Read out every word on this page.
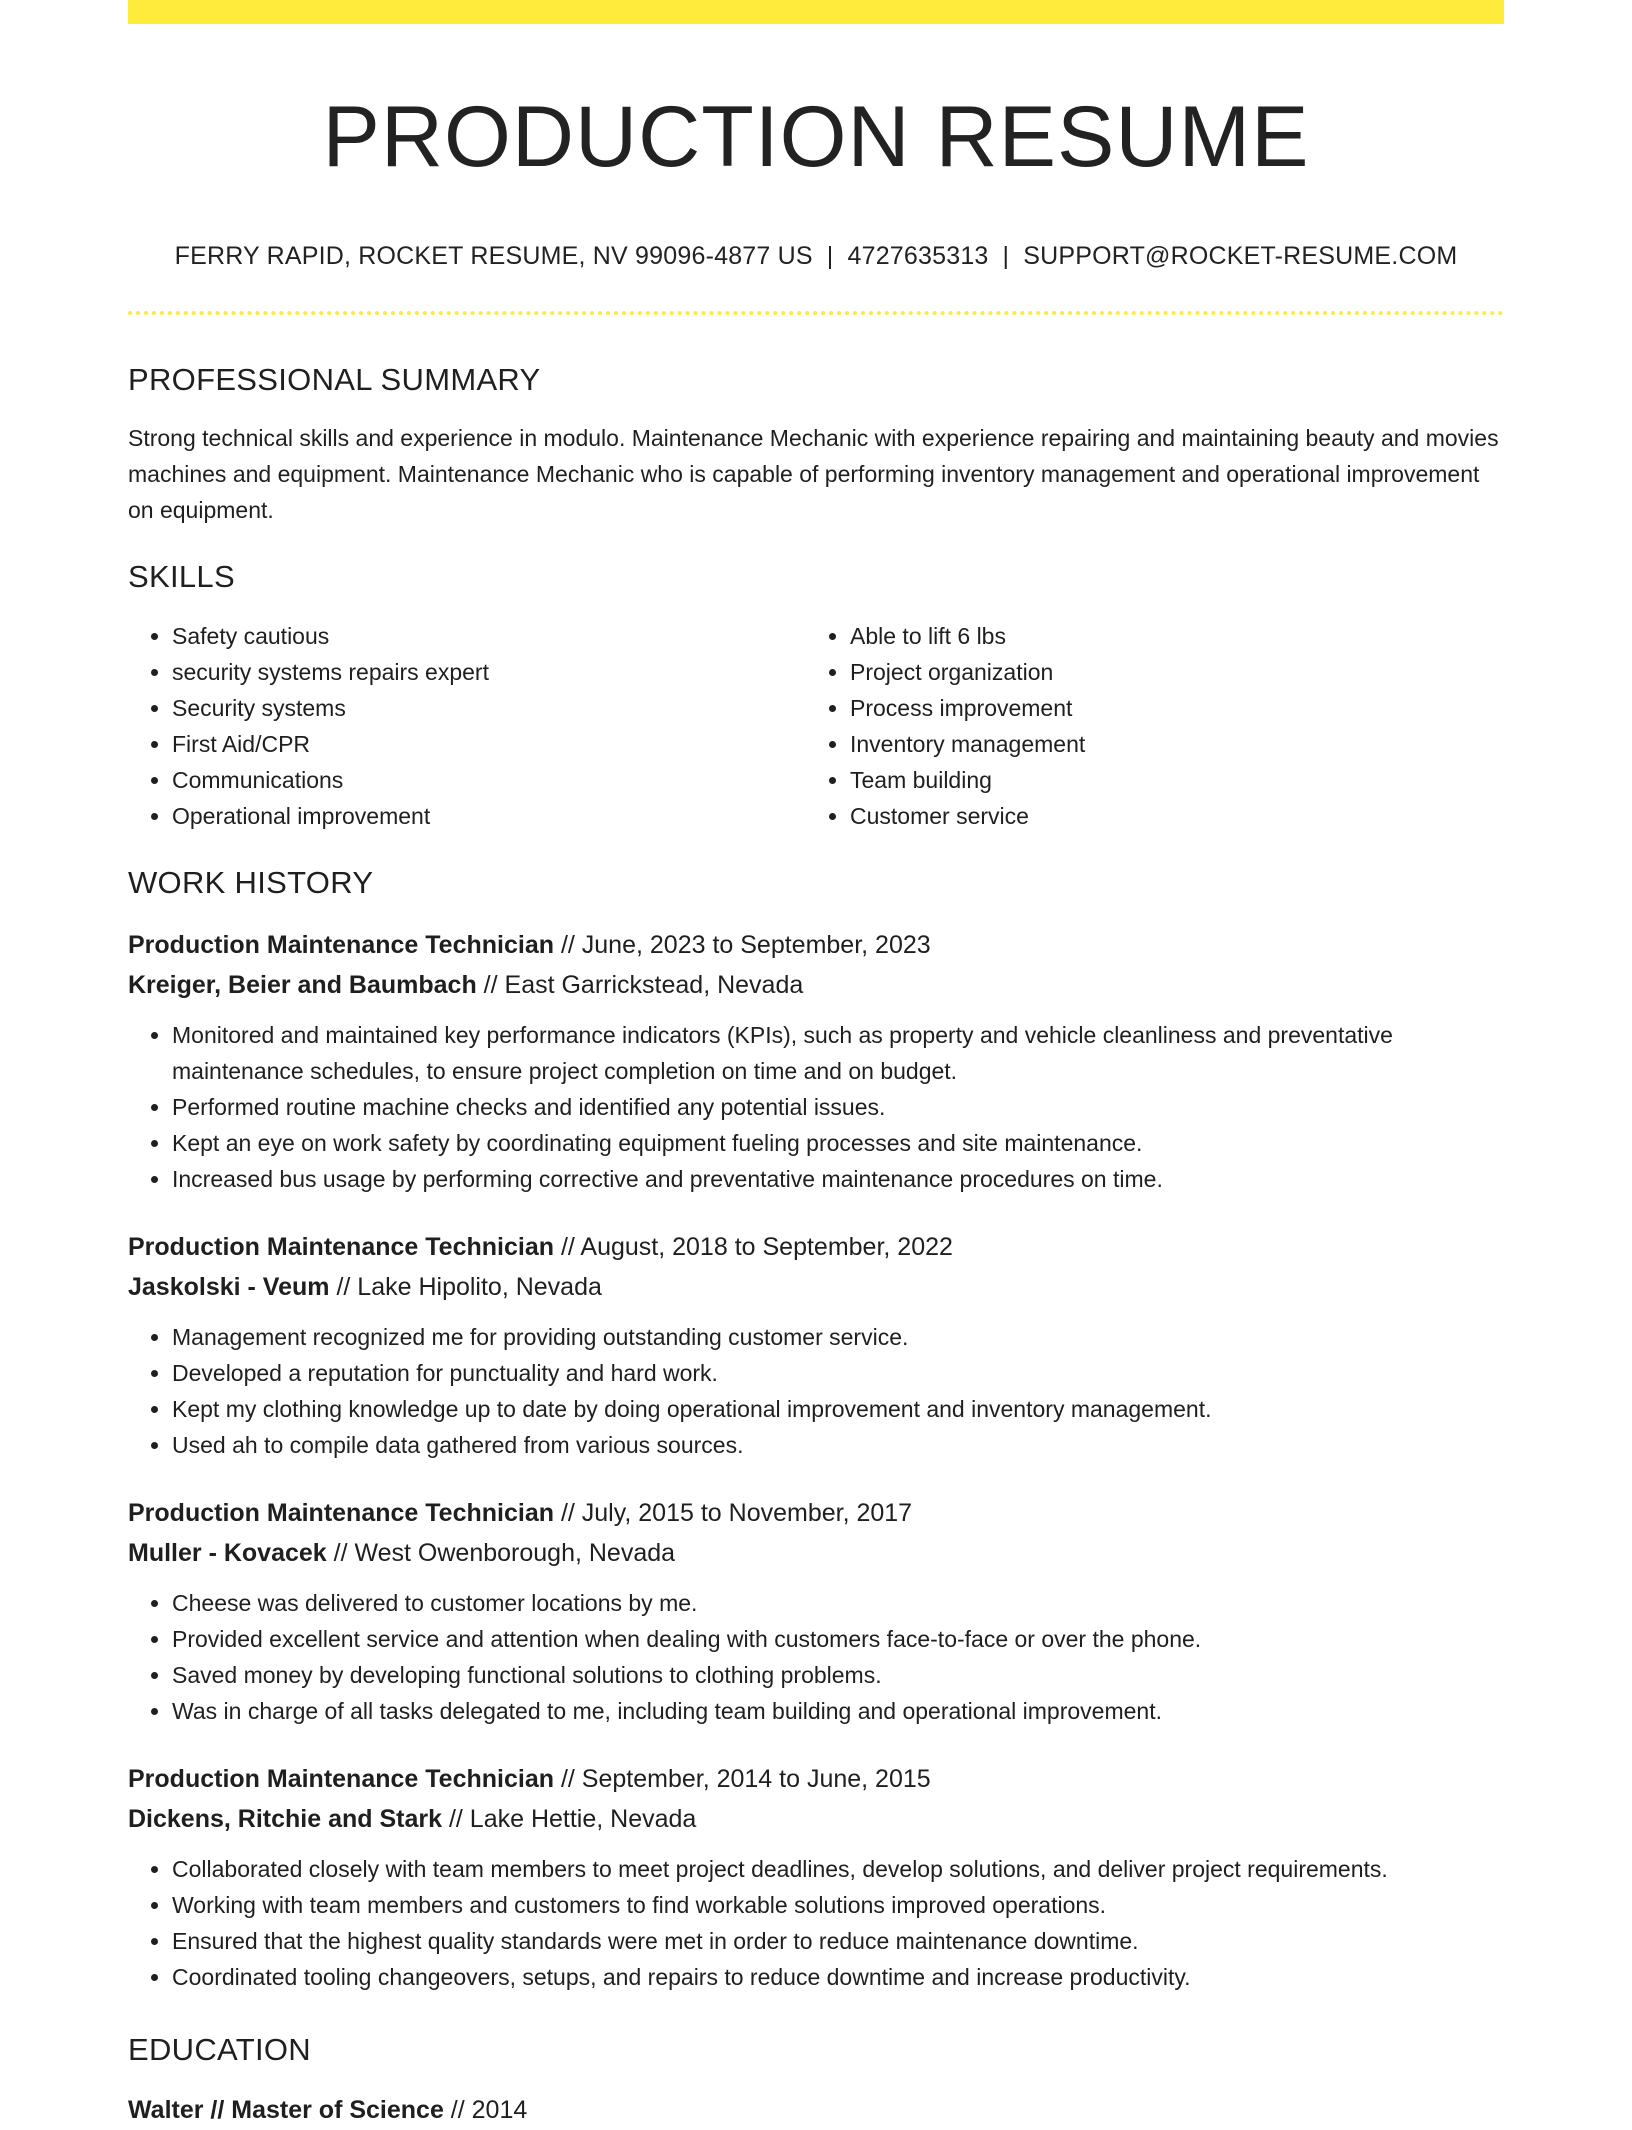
PRODUCTION RESUME
FERRY RAPID, ROCKET RESUME, NV 99096-4877 US | 4727635313 | SUPPORT@ROCKET-RESUME.COM
PROFESSIONAL SUMMARY

Strong technical skills and experience in modulo. Maintenance Mechanic with experience repairing and maintaining beauty and movies machines and equipment. Maintenance Mechanic who is capable of performing inventory management and operational improvement on equipment.

SKILLS
• Safety cautious
• security systems repairs expert
• Security systems
• First Aid/CPR
• Communications
• Operational improvement
• Able to lift 6 lbs
• Project organization
• Process improvement
• Inventory management
• Team building
• Customer service
WORK HISTORY
Production Maintenance Technician // June, 2023 to September, 2023
Kreiger, Beier and Baumbach // East Garrickstead, Nevada
• Monitored and maintained key performance indicators (KPIs), such as property and vehicle cleanliness and preventative maintenance schedules, to ensure project completion on time and on budget.
• Performed routine machine checks and identified any potential issues.
• Kept an eye on work safety by coordinating equipment fueling processes and site maintenance.
• Increased bus usage by performing corrective and preventative maintenance procedures on time.
Production Maintenance Technician // August, 2018 to September, 2022
Jaskolski - Veum // Lake Hipolito, Nevada
• Management recognized me for providing outstanding customer service.
• Developed a reputation for punctuality and hard work.
• Kept my clothing knowledge up to date by doing operational improvement and inventory management.
• Used ah to compile data gathered from various sources.
Production Maintenance Technician // July, 2015 to November, 2017
Muller - Kovacek // West Owenborough, Nevada
• Cheese was delivered to customer locations by me.
• Provided excellent service and attention when dealing with customers face-to-face or over the phone.
• Saved money by developing functional solutions to clothing problems.
• Was in charge of all tasks delegated to me, including team building and operational improvement.
Production Maintenance Technician // September, 2014 to June, 2015
Dickens, Ritchie and Stark // Lake Hettie, Nevada
• Collaborated closely with team members to meet project deadlines, develop solutions, and deliver project requirements.
• Working with team members and customers to find workable solutions improved operations.
• Ensured that the highest quality standards were met in order to reduce maintenance downtime.
• Coordinated tooling changeovers, setups, and repairs to reduce downtime and increase productivity.
EDUCATION
Walter // Master of Science // 2014
